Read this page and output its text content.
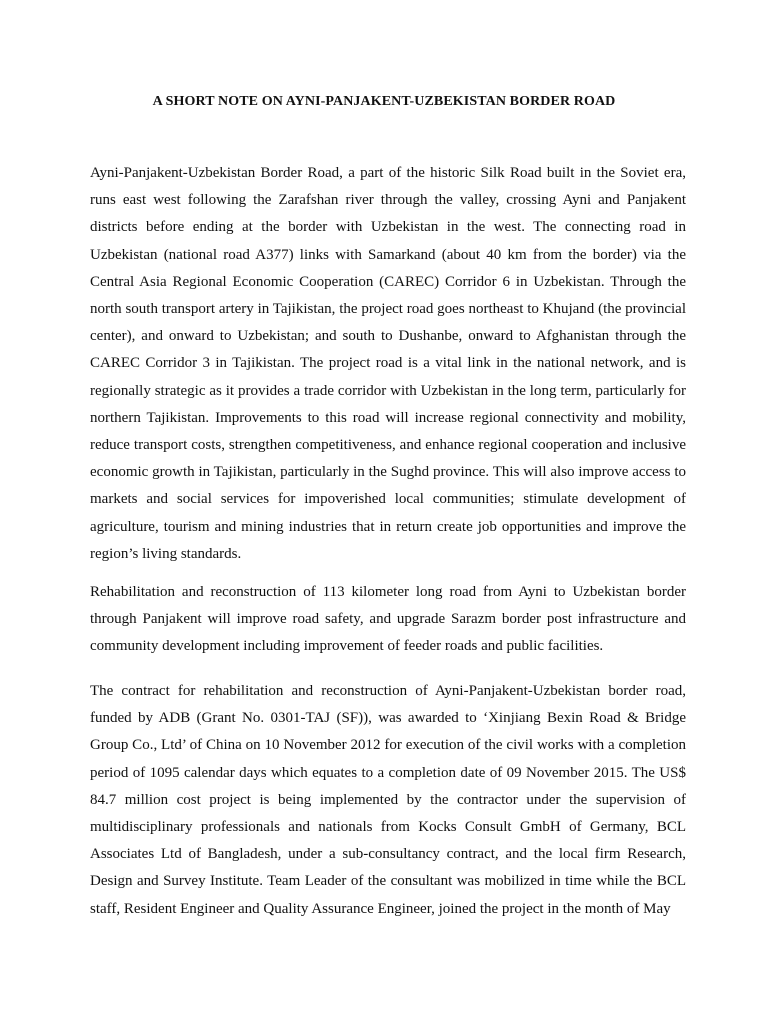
A SHORT NOTE ON AYNI-PANJAKENT-UZBEKISTAN BORDER ROAD

Ayni-Panjakent-Uzbekistan Border Road, a part of the historic Silk Road built in the Soviet era, runs east west following the Zarafshan river through the valley, crossing Ayni and Panjakent districts before ending at the border with Uzbekistan in the west. The connecting road in Uzbekistan (national road A377) links with Samarkand (about 40 km from the border) via the Central Asia Regional Economic Cooperation (CAREC) Corridor 6 in Uzbekistan. Through the north south transport artery in Tajikistan, the project road goes northeast to Khujand (the provincial center), and onward to Uzbekistan; and south to Dushanbe, onward to Afghanistan through the CAREC Corridor 3 in Tajikistan. The project road is a vital link in the national network, and is regionally strategic as it provides a trade corridor with Uzbekistan in the long term, particularly for northern Tajikistan. Improvements to this road will increase regional connectivity and mobility, reduce transport costs, strengthen competitiveness, and enhance regional cooperation and inclusive economic growth in Tajikistan, particularly in the Sughd province. This will also improve access to markets and social services for impoverished local communities; stimulate development of agriculture, tourism and mining industries that in return create job opportunities and improve the region’s living standards.

Rehabilitation and reconstruction of 113 kilometer long road from Ayni to Uzbekistan border through Panjakent will improve road safety, and upgrade Sarazm border post infrastructure and community development including improvement of feeder roads and public facilities.

The contract for rehabilitation and reconstruction of Ayni-Panjakent-Uzbekistan border road, funded by ADB (Grant No. 0301-TAJ (SF)), was awarded to ‘Xinjiang Bexin Road & Bridge Group Co., Ltd’ of China on 10 November 2012 for execution of the civil works with a completion period of 1095 calendar days which equates to a completion date of 09 November 2015. The US$ 84.7 million cost project is being implemented by the contractor under the supervision of multidisciplinary professionals and nationals from Kocks Consult GmbH of Germany, BCL Associates Ltd of Bangladesh, under a sub-consultancy contract, and the local firm Research, Design and Survey Institute. Team Leader of the consultant was mobilized in time while the BCL staff, Resident Engineer and Quality Assurance Engineer, joined the project in the month of May
